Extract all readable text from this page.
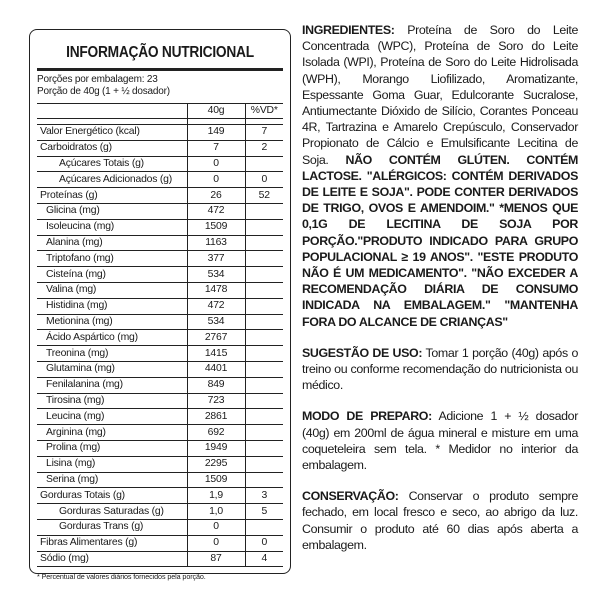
INFORMAÇÃO NUTRICIONAL
Porções por embalagem: 23
Porção de 40g (1 + ½ dosador)
	40g	%VD*

Valor Energético (kcal)	149	7
Carboidratos (g)	7	2
Açúcares Totais (g)	0	
Açúcares Adicionados (g)	0	0
Proteínas (g)	26	52
Glicina (mg)	472	
Isoleucina (mg)	1509	
Alanina (mg)	1163	
Triptofano (mg)	377	
Cisteína (mg)	534	
Valina (mg)	1478	
Histidina (mg)	472	
Metionina (mg)	534	
Ácido Aspártico (mg)	2767	
Treonina (mg)	1415	
Glutamina (mg)	4401	
Fenilalanina (mg)	849	
Tirosina (mg)	723	
Leucina (mg)	2861	
Arginina (mg)	692	
Prolina (mg)	1949	
Lisina (mg)	2295	
Serina (mg)	1509	
Gorduras Totais (g)	1,9	3
Gorduras Saturadas (g)	1,0	5
Gorduras Trans (g)	0	
Fibras Alimentares (g)	0	0
Sódio (mg)	87	4
* Percentual de valores diários fornecidos pela porção.

INGREDIENTES: Proteína de Soro do Leite Concentrada (WPC), Proteína de Soro do Leite Isolada (WPI), Proteína de Soro do Leite Hidrolisada (WPH), Morango Liofilizado, Aromatizante, Espessante Goma Guar, Edulcorante Sucralose, Antiumectante Dióxido de Silício, Corantes Ponceau 4R, Tartrazina e Amarelo Crepúsculo, Conservador Propionato de Cálcio e Emulsificante Lecitina de Soja. NÃO CONTÉM GLÚTEN. CONTÉM LACTOSE. "ALÉRGICOS: CONTÉM DERIVADOS DE LEITE E SOJA". PODE CONTER DERIVADOS DE TRIGO, OVOS E AMENDOIM." *MENOS QUE 0,1G DE LECITINA DE SOJA POR PORÇÃO."PRODUTO INDICADO PARA GRUPO POPULACIONAL ≥ 19 ANOS". "ESTE PRODUTO NÃO É UM MEDICAMENTO". "NÃO EXCEDER A RECOMENDAÇÃO DIÁRIA DE CONSUMO INDICADA NA EMBALAGEM." "MANTENHA FORA DO ALCANCE DE CRIANÇAS"

SUGESTÃO DE USO: Tomar 1 porção (40g) após o treino ou conforme recomendação do nutricionista ou médico.

MODO DE PREPARO: Adicione 1 + ½ dosador (40g) em 200ml de água mineral e misture em uma coqueteleira sem tela. * Medidor no interior da embalagem.

CONSERVAÇÃO: Conservar o produto sempre fechado, em local fresco e seco, ao abrigo da luz. Consumir o produto até 60 dias após aberta a embalagem.
